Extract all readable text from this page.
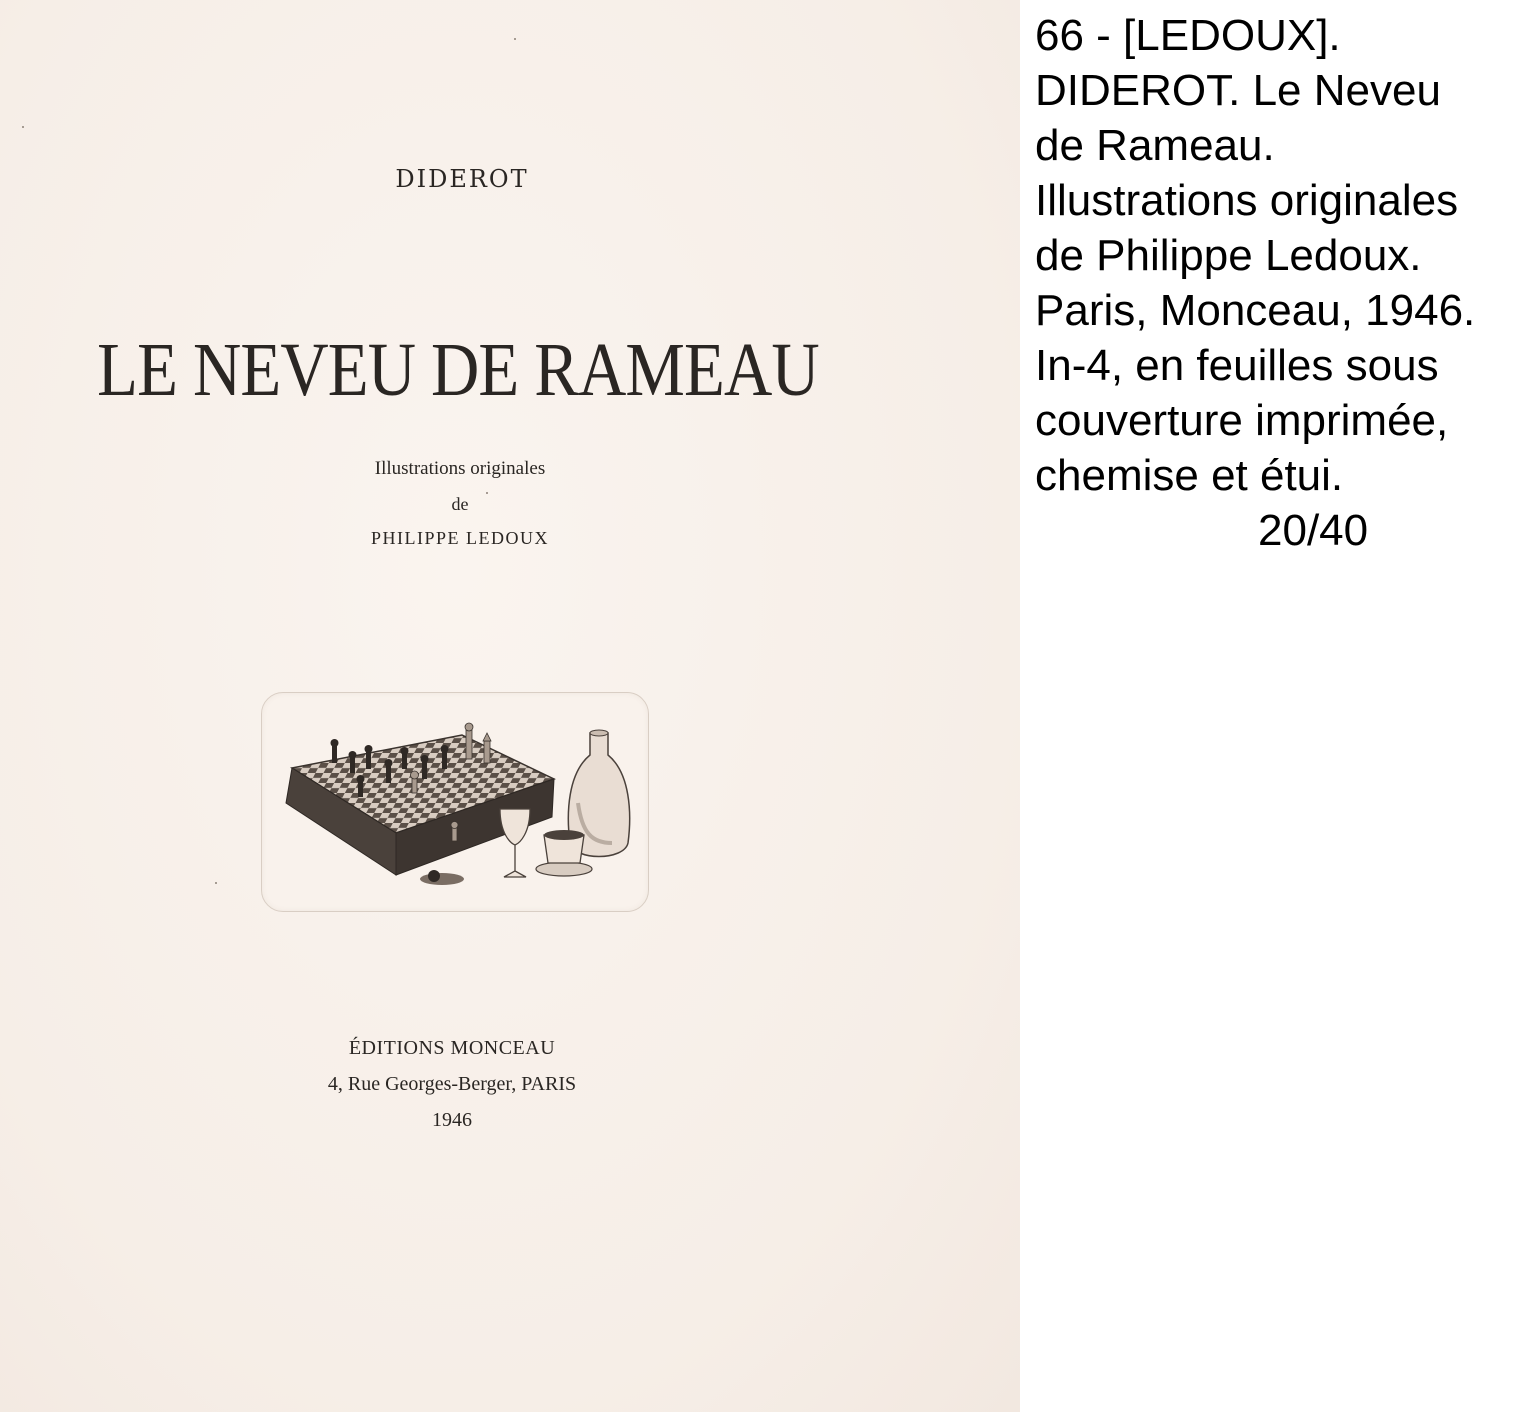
DIDEROT
LE NEVEU DE RAMEAU
Illustrations originales
de
PHILIPPE LEDOUX
ÉDITIONS MONCEAU
4, Rue Georges-Berger, PARIS
1946
66 - [LEDOUX].
DIDEROT. Le Neveu
de Rameau.
Illustrations originales
de Philippe Ledoux.
Paris, Monceau, 1946.
In-4, en feuilles sous
couverture imprimée,
chemise et étui.
20/40
